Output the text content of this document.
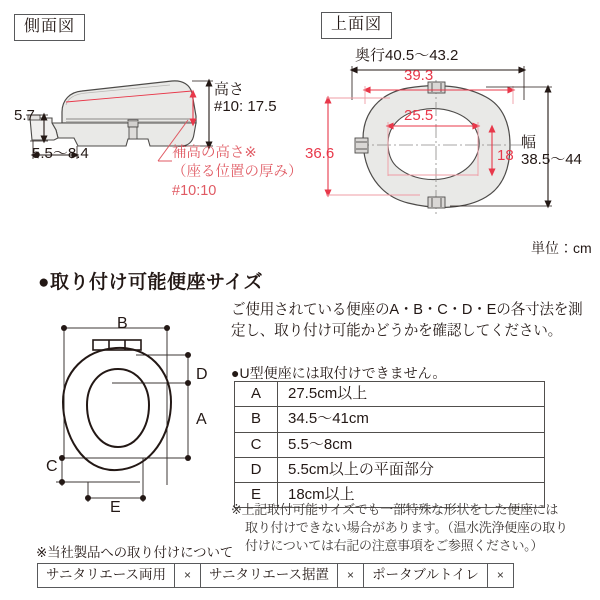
側面図
5.7
5.5〜8.4
高さ
#10: 17.5
補高の高さ※
（座る位置の厚み）
#10:10
上面図
奥行40.5〜43.2
39.3
25.5
18
36.6
幅
38.5〜44
単位：cm
●取り付け可能便座サイズ
B
D
A
C
E
ご使用されている便座のA・B・C・D・Eの各寸法を測定し、取り付け可能かどうかを確認してください。
●U型便座には取付けできません。
A	27.5cm以上
B	34.5〜41cm
C	5.5〜8cm
D	5.5cm以上の平面部分
E	18cm以上
※上記取付可能サイズでも一部特殊な形状をした便座には
取り付けできない場合があります。（温水洗浄便座の取り
付けについては右記の注意事項をご参照ください。）
※当社製品への取り付けについて
サニタリエース両用	×	サニタリエース据置	×	ポータブルトイレ	×
